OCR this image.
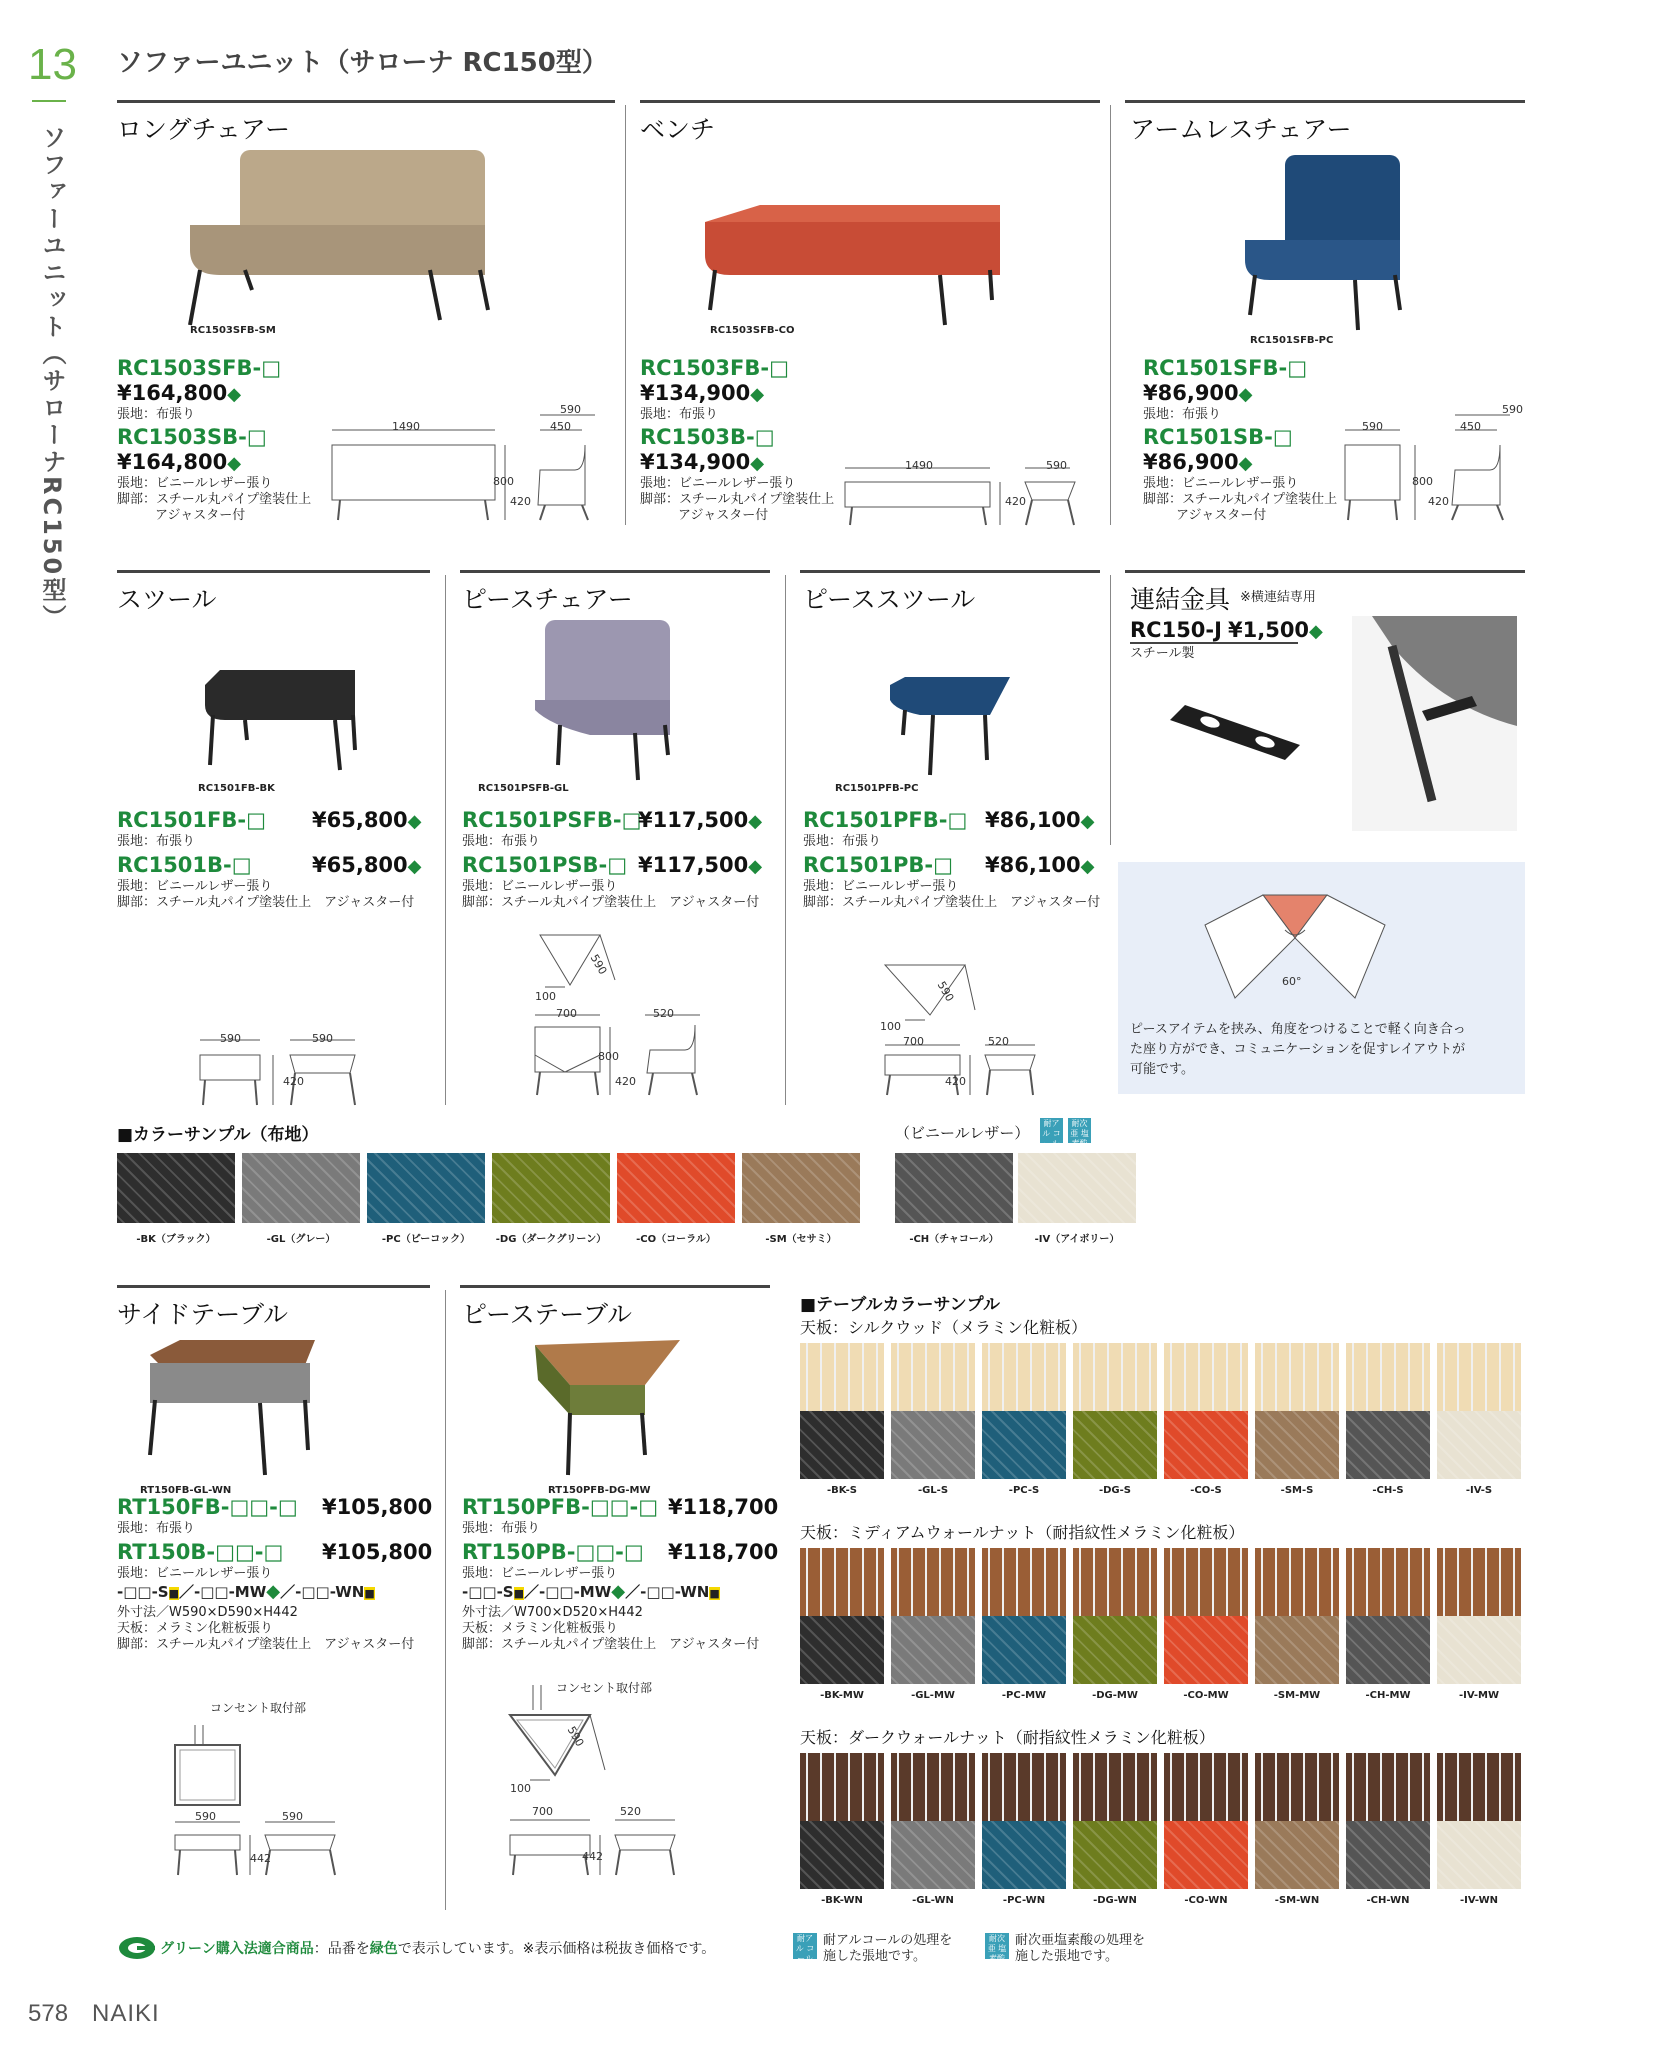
13
ソファーユニット（サローナRC150型）
ソファーユニット（サローナ RC150型）
ロングチェアー
RC1503SFB-SM
RC1503SFB-□
¥164,800◆
張地：布張り
RC1503SB-□
¥164,800◆
張地：ビニールレザー張り
脚部：スチール丸パイプ塗装仕上
アジャスター付
1490
590
450
800
420
ベンチ
RC1503SFB-CO
RC1503FB-□
¥134,900◆
張地：布張り
RC1503B-□
¥134,900◆
張地：ビニールレザー張り
脚部：スチール丸パイプ塗装仕上
アジャスター付
1490	590
420
アームレスチェアー
RC1501SFB-PC
RC1501SFB-□
¥86,900◆
張地：布張り
RC1501SB-□
¥86,900◆
張地：ビニールレザー張り
脚部：スチール丸パイプ塗装仕上
アジャスター付
590
590
450
800
420
スツール
RC1501FB-BK
RC1501FB-□ ¥65,800◆
張地：布張り
RC1501B-□	¥65,800◆
張地：ビニールレザー張り
脚部：スチール丸パイプ塗装仕上　アジャスター付
590	590
420
ピースチェアー
RC1501PSFB-GL
RC1501PSFB-□
¥117,500◆
張地：布張り
RC1501PSB-□ ¥117,500◆
張地：ビニールレザー張り
脚部：スチール丸パイプ塗装仕上　アジャスター付
590
100
700	520
800
420
ピーススツール
RC1501PFB-PC
RC1501PFB-□ ¥86,100◆
張地：布張り
RC1501PB-□ ¥86,100◆
張地：ビニールレザー張り
脚部：スチール丸パイプ塗装仕上　アジャスター付
590
100
700	520
420
連結金具 ※横連結専用
RC150-J ¥1,500◆
スチール製
60°
ピースアイテムを挟み、角度をつけることで軽く向き合っ
た座り方ができ、コミュニケーションを促すレイアウトが
可能です。
■カラーサンプル（布地）	（ビニールレザー）
耐アル コール
耐次亜 塩素酸
-BK（ブラック）	-GL（グレー）	-PC（ピーコック）	-DG（ダークグリーン）	-CO（コーラル）	-SM（セサミ）	-CH（チャコール）	-IV（アイボリー）
サイドテーブル
RT150FB-GL-WN
RT150FB-□□-□ ¥105,800
張地：布張り
RT150B-□□-□ ¥105,800
張地：ビニールレザー張り
-□□-S■／-□□-MW◆／-□□-WN■
外寸法／W590×D590×H442
天板：メラミン化粧板張り
脚部：スチール丸パイプ塗装仕上　アジャスター付
コンセント取付部
590	590
442
ピーステーブル
RT150PFB-DG-MW
RT150PFB-□□-□ ¥118,700
張地：布張り
RT150PB-□□-□ ¥118,700
張地：ビニールレザー張り
-□□-S■／-□□-MW◆／-□□-WN■
外寸法／W700×D520×H442
天板：メラミン化粧板張り
脚部：スチール丸パイプ塗装仕上　アジャスター付
コンセント取付部
590
100
700	520
442
■テーブルカラーサンプル
天板：シルクウッド（メラミン化粧板）
-BK-S	-GL-S	-PC-S	-DG-S	-CO-S	-SM-S	-CH-S	-IV-S
天板：ミディアムウォールナット（耐指紋性メラミン化粧板）
-BK-MW	-GL-MW	-PC-MW	-DG-MW	-CO-MW	-SM-MW	-CH-MW	-IV-MW
天板：ダークウォールナット（耐指紋性メラミン化粧板）
-BK-WN	-GL-WN	-PC-WN	-DG-WN	-CO-WN	-SM-WN	-CH-WN	-IV-WN
グリーン購入法適合商品：品番を緑色で表示しています。※表示価格は税抜き価格です。
耐アル コール
耐アルコールの処理を
施した張地です。
耐次亜 塩素酸
耐次亜塩素酸の処理を
施した張地です。
578 NAIKI
